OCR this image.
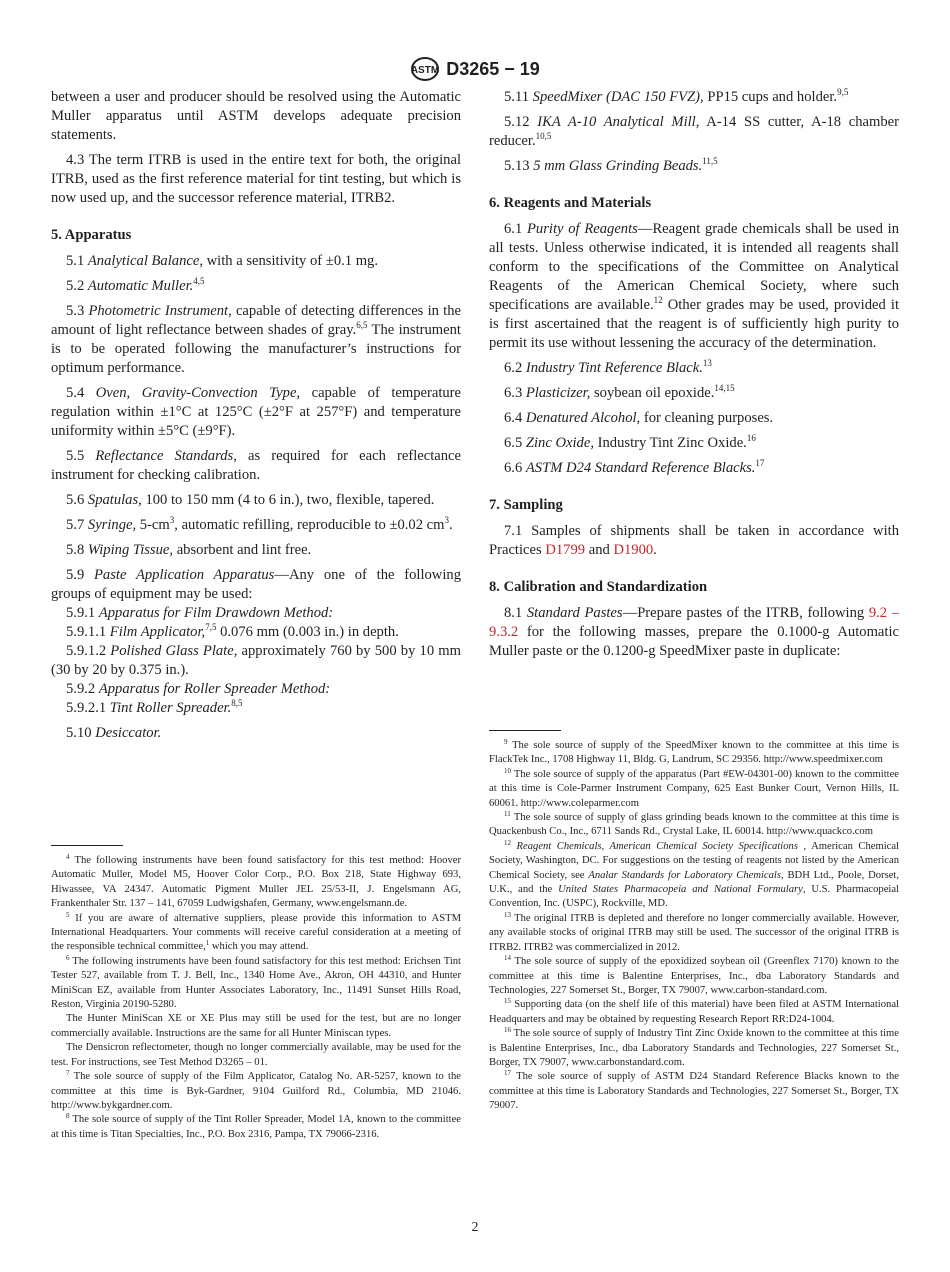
ASTM D3265 − 19

between a user and producer should be resolved using the Automatic Muller apparatus until ASTM develops adequate precision statements.

4.3 The term ITRB is used in the entire text for both, the original ITRB, used as the first reference material for tint testing, but which is now used up, and the successor reference material, ITRB2.

5. Apparatus

5.1 Analytical Balance, with a sensitivity of ±0.1 mg.

5.2 Automatic Muller.$^{4,5}$

5.3 Photometric Instrument, capable of detecting differences in the amount of light reflectance between shades of gray.$^{6,5}$ The instrument is to be operated following the manufacturer’s instructions for optimum performance.

5.4 Oven, Gravity-Convection Type, capable of temperature regulation within ±1°C at 125°C (±2°F at 257°F) and temperature uniformity within ±5°C (±9°F).

5.5 Reflectance Standards, as required for each reflectance instrument for checking calibration.

5.6 Spatulas, 100 to 150 mm (4 to 6 in.), two, flexible, tapered.

5.7 Syringe, $5-cm^3$, automatic refilling, reproducible to ±0.02 $cm^3$.

5.8 Wiping Tissue, absorbent and lint free.

5.9 Paste Application Apparatus—Any one of the following groups of equipment may be used:

5.9.1 Apparatus for Film Drawdown Method:

5.9.1.1 Film Applicator,$^{7,5}$ 0.076 mm (0.003 in.) in depth.

5.9.1.2 Polished Glass Plate, approximately 760 by 500 by 10 mm (30 by 20 by 0.375 in.).

5.9.2 Apparatus for Roller Spreader Method:

5.9.2.1 Tint Roller Spreader.$^{8,5}$

5.10 Desiccator.

5.11 SpeedMixer (DAC 150 FVZ), PP15 cups and holder.$^{9,5}$

5.12 IKA A-10 Analytical Mill, A-14 SS cutter, A-18 chamber reducer.$^{10,5}$

5.13 5 mm Glass Grinding Beads.$^{11,5}$

6. Reagents and Materials

6.1 Purity of Reagents—Reagent grade chemicals shall be used in all tests. Unless otherwise indicated, it is intended all reagents shall conform to the specifications of the Committee on Analytical Reagents of the American Chemical Society, where such specifications are available.$^{12}$ Other grades may be used, provided it is first ascertained that the reagent is of sufficiently high purity to permit its use without lessening the accuracy of the determination.

6.2 Industry Tint Reference Black.$^{13}$

6.3 Plasticizer, soybean oil epoxide.$^{14,15}$

6.4 Denatured Alcohol, for cleaning purposes.

6.5 Zinc Oxide, Industry Tint Zinc Oxide.$^{16}$

6.6 ASTM D24 Standard Reference Blacks.$^{17}$

7. Sampling

7.1 Samples of shipments shall be taken in accordance with Practices D1799 and D1900.

8. Calibration and Standardization

8.1 Standard Pastes—Prepare pastes of the ITRB, following 9.2 – 9.3.2 for the following masses, prepare the 0.1000-g Automatic Muller paste or the 0.1200-g SpeedMixer paste in duplicate:

$^4$ The following instruments have been found satisfactory for this test method: Hoover Automatic Muller, Model M5, Hoover Color Corp., P.O. Box 218, State Highway 693, Hiwassee, VA 24347. Automatic Pigment Muller JEL 25/53-II, J. Engelsmann AG, Frankenthaler Str. 137 – 141, 67059 Ludwigshafen, Germany, www.engelsmann.de.

$^5$ If you are aware of alternative suppliers, please provide this information to ASTM International Headquarters. Your comments will receive careful consideration at a meeting of the responsible technical committee,$^1$ which you may attend.

$^6$ The following instruments have been found satisfactory for this test method: Erichsen Tint Tester 527, available from T. J. Bell, Inc., 1340 Home Ave., Akron, OH 44310, and Hunter MiniScan EZ, available from Hunter Associates Laboratory, Inc., 11491 Sunset Hills Road, Reston, Virginia 20190-5280.

The Hunter MiniScan XE or XE Plus may still be used for the test, but are no longer commercially available. Instructions are the same for all Hunter Miniscan types.

The Densicron reflectometer, though no longer commercially available, may be used for the test. For instructions, see Test Method D3265 – 01.

$^7$ The sole source of supply of the Film Applicator, Catalog No. AR-5257, known to the committee at this time is Byk-Gardner, 9104 Guilford Rd., Columbia, MD 21046. http://www.bykgardner.com.

$^8$ The sole source of supply of the Tint Roller Spreader, Model 1A, known to the committee at this time is Titan Specialties, Inc., P.O. Box 2316, Pampa, TX 79066-2316.

$^9$ The sole source of supply of the SpeedMixer known to the committee at this time is FlackTek Inc., 1708 Highway 11, Bldg. G, Landrum, SC 29356. http://www.speedmixer.com

$^{10}$ The sole source of supply of the apparatus (Part #EW-04301-00) known to the committee at this time is Cole-Parmer Instrument Company, 625 East Bunker Court, Vernon Hills, IL 60061. http://www.coleparmer.com

$^{11}$ The sole source of supply of glass grinding beads known to the committee at this time is Quackenbush Co., Inc., 6711 Sands Rd., Crystal Lake, IL 60014. http://www.quackco.com

$^{12}$ Reagent Chemicals, American Chemical Society Specifications , American Chemical Society, Washington, DC. For suggestions on the testing of reagents not listed by the American Chemical Society, see Analar Standards for Laboratory Chemicals, BDH Ltd., Poole, Dorset, U.K., and the United States Pharmacopeia and National Formulary, U.S. Pharmacopeial Convention, Inc. (USPC), Rockville, MD.

$^{13}$ The original ITRB is depleted and therefore no longer commercially available. However, any available stocks of original ITRB may still be used. The successor of the original ITRB is ITRB2. ITRB2 was commercialized in 2012.

$^{14}$ The sole source of supply of the epoxidized soybean oil (Greenflex 7170) known to the committee at this time is Balentine Enterprises, Inc., dba Laboratory Standards and Technologies, 227 Somerset St., Borger, TX 79007, www.carbon-standard.com.

$^{15}$ Supporting data (on the shelf life of this material) have been filed at ASTM International Headquarters and may be obtained by requesting Research Report RR:D24-1004.

$^{16}$ The sole source of supply of Industry Tint Zinc Oxide known to the committee at this time is Balentine Enterprises, Inc., dba Laboratory Standards and Technologies, 227 Somerset St., Borger, TX 79007, www.carbonstandard.com.

$^{17}$ The sole source of supply of ASTM D24 Standard Reference Blacks known to the committee at this time is Laboratory Standards and Technologies, 227 Somerset St., Borger, TX 79007.

2
